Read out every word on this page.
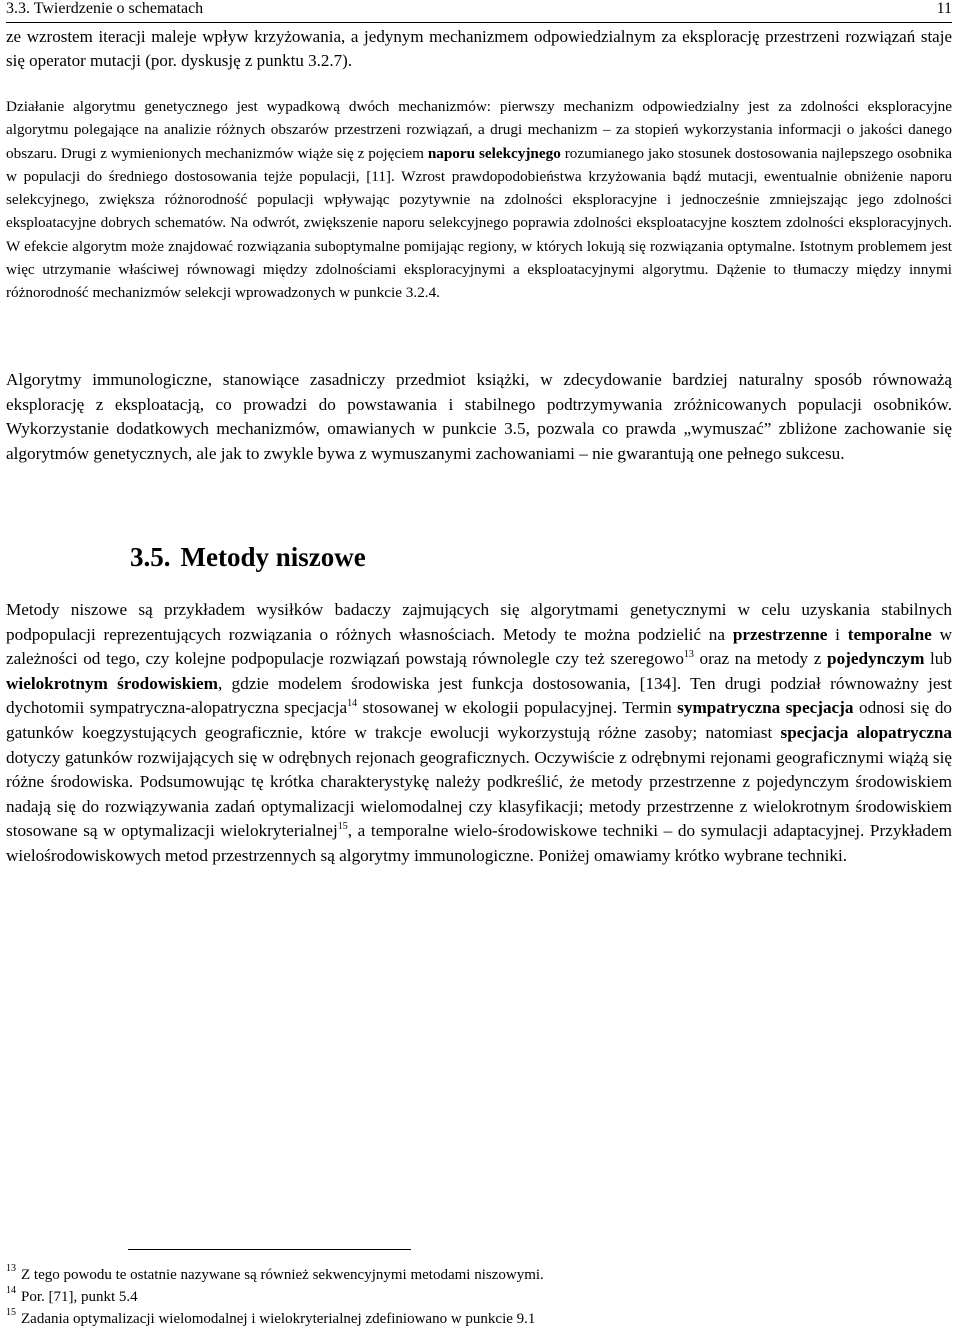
3.3. Twierdzenie o schematach	11

ze wzrostem iteracji maleje wpływ krzyżowania, a jedynym mechanizmem odpowiedzialnym za eksplorację przestrzeni rozwiązań staje się operator mutacji (por. dyskusję z punktu 3.2.7).

Działanie algorytmu genetycznego jest wypadkową dwóch mechanizmów: pierwszy mechanizm odpowiedzialny jest za zdolności eksploracyjne algorytmu polegające na analizie różnych obszarów przestrzeni rozwiązań, a drugi mechanizm – za stopień wykorzystania informacji o jakości danego obszaru. Drugi z wymienionych mechanizmów wiąże się z pojęciem naporu selekcyjnego rozumianego jako stosunek dostosowania najlepszego osobnika w populacji do średniego dostosowania tejże populacji, [11]. Wzrost prawdopodobieństwa krzyżowania bądź mutacji, ewentualnie obniżenie naporu selekcyjnego, zwiększa różnorodność populacji wpływając pozytywnie na zdolności eksploracyjne i jednocześnie zmniejszając jego zdolności eksploatacyjne dobrych schematów. Na odwrót, zwiększenie naporu selekcyjnego poprawia zdolności eksploatacyjne kosztem zdolności eksploracyjnych. W efekcie algorytm może znajdować rozwiązania suboptymalne pomijając regiony, w których lokują się rozwiązania optymalne. Istotnym problemem jest więc utrzymanie właściwej równowagi między zdolnościami eksploracyjnymi a eksploatacyjnymi algorytmu. Dążenie to tłumaczy między innymi różnorodność mechanizmów selekcji wprowadzonych w punkcie 3.2.4.

Algorytmy immunologiczne, stanowiące zasadniczy przedmiot książki, w zdecydowanie bardziej naturalny sposób równoważą eksplorację z eksploatacją, co prowadzi do powstawania i stabilnego podtrzymywania zróżnicowanych populacji osobników. Wykorzystanie dodatkowych mechanizmów, omawianych w punkcie 3.5, pozwala co prawda „wymuszać” zbliżone zachowanie się algorytmów genetycznych, ale jak to zwykle bywa z wymuszanymi zachowaniami – nie gwarantują one pełnego sukcesu.

3.5. Metody niszowe

Metody niszowe są przykładem wysiłków badaczy zajmujących się algorytmami genetycznymi w celu uzyskania stabilnych podpopulacji reprezentujących rozwiązania o różnych własnościach. Metody te można podzielić na przestrzenne i temporalne w zależności od tego, czy kolejne podpopulacje rozwiązań powstają równolegle czy też szeregowo$^{13}$ oraz na metody z pojedynczym lub wielokrotnym środowiskiem, gdzie modelem środowiska jest funkcja dostosowania, [134]. Ten drugi podział równoważny jest dychotomii sympatryczna-alopatryczna specjacja$^{14}$ stosowanej w ekologii populacyjnej. Termin sympatryczna specjacja odnosi się do gatunków koegzystujących geograficznie, które w trakcje ewolucji wykorzystują różne zasoby; natomiast specjacja alopatryczna dotyczy gatunków rozwijających się w odrębnych rejonach geograficznych. Oczywiście z odrębnymi rejonami geograficznymi wiążą się różne środowiska. Podsumowując tę krótka charakterystykę należy podkreślić, że metody przestrzenne z pojedynczym środowiskiem nadają się do rozwiązywania zadań optymalizacji wielomodalnej czy klasyfikacji; metody przestrzenne z wielokrotnym środowiskiem stosowane są w optymalizacji wielokryterialnej$^{15}$, a temporalne wielo-środowiskowe techniki – do symulacji adaptacyjnej. Przykładem wielośrodowiskowych metod przestrzennych są algorytmy immunologiczne. Poniżej omawiamy krótko wybrane techniki.

$^{13}$ Z tego powodu te ostatnie nazywane są również sekwencyjnymi metodami niszowymi.

$^{14}$ Por. [71], punkt 5.4

$^{15}$ Zadania optymalizacji wielomodalnej i wielokryterialnej zdefiniowano w punkcie 9.1
